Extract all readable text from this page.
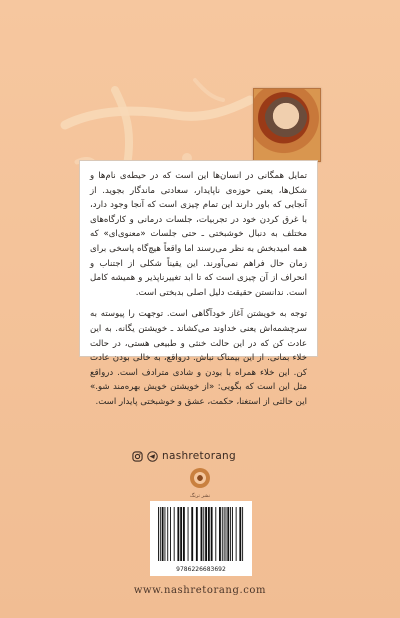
تمایل همگانی در انسان‌ها این است که در حیطه‌ی نام‌ها و شکل‌ها، یعنی حوزه‌ی ناپایدار، سعادتی ماندگار بجوید. از آنجایی که باور دارند این تمام چیزی است که آنجا وجود دارد، با غرق کردن خود در تجربیات، جلسات درمانی و کارگاه‌های مختلف به دنبال خوشبختی ـ حتی جلسات «معنوی‌ای» که همه امیدبخش به نظر می‌رسند اما واقعاً هیچ‌گاه پاسخی برای زمان حال فراهم نمی‌آورند. این یقیناً شکلی از اجتناب و انحراف از آن چیزی است که تا ابد تغییرناپذیر و همیشه کامل است. ندانستن حقیقت دلیل اصلی بدبختی است.

توجه به خویشتن آغاز خودآگاهی است. توجهت را پیوسته به سرچشمه‌اش یعنی خداوند می‌کشاند ـ خویشتن یگانه. به این عادت کن که در این حالت خنثی و طبیعی هستی، در حالت خلاء بمانی. از این بیمناک نباش. درواقع، به خالی بودن عادت کن. این خلاء همراه با بودن و شادی مترادف است. درواقع مثل این است که بگویی: «از خویشتن خویش بهره‌مند شو.» این حالتی از استغنا، حکمت، عشق و خوشبختی پایدار است.

nashretorang
نشر ترنگ
9786226683692
www.nashretorang.com
